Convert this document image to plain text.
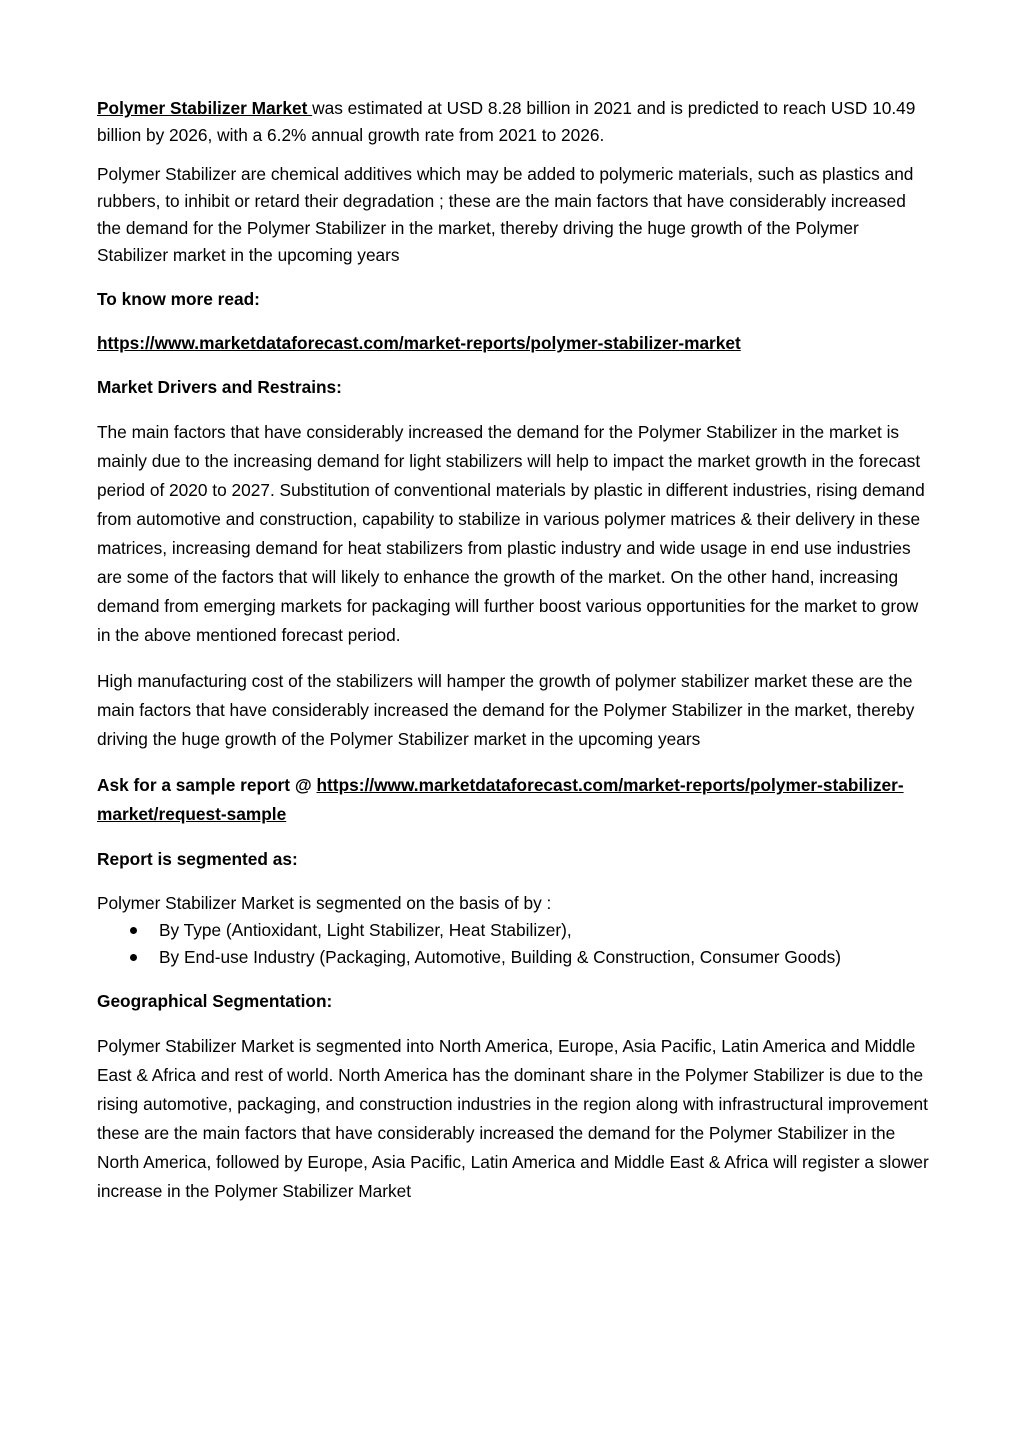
Polymer Stabilizer Market was estimated at USD 8.28 billion in 2021 and is predicted to reach USD 10.49 billion by 2026, with a 6.2% annual growth rate from 2021 to 2026.

Polymer Stabilizer are chemical additives which may be added to polymeric materials, such as plastics and rubbers, to inhibit or retard their degradation ; these are the main factors that have considerably increased the demand for the Polymer Stabilizer in the market, thereby driving the huge growth of the Polymer Stabilizer market in the upcoming years

To know more read:

https://www.marketdataforecast.com/market-reports/polymer-stabilizer-market

Market Drivers and Restrains:

The main factors that have considerably increased the demand for the Polymer Stabilizer in the market is mainly due to the increasing demand for light stabilizers will help to impact the market growth in the forecast period of 2020 to 2027. Substitution of conventional materials by plastic in different industries, rising demand from automotive and construction, capability to stabilize in various polymer matrices & their delivery in these matrices, increasing demand for heat stabilizers from plastic industry and wide usage in end use industries are some of the factors that will likely to enhance the growth of the market. On the other hand, increasing demand from emerging markets for packaging will further boost various opportunities for the market to grow in the above mentioned forecast period.

High manufacturing cost of the stabilizers will hamper the growth of polymer stabilizer market these are the main factors that have considerably increased the demand for the Polymer Stabilizer in the market, thereby driving the huge growth of the Polymer Stabilizer market in the upcoming years

Ask for a sample report @ https://www.marketdataforecast.com/market-reports/polymer-stabilizer-market/request-sample

Report is segmented as:

Polymer Stabilizer Market is segmented on the basis of by :

By Type (Antioxidant, Light Stabilizer, Heat Stabilizer),
By End-use Industry (Packaging, Automotive, Building & Construction, Consumer Goods)

Geographical Segmentation:

Polymer Stabilizer Market is segmented into North America, Europe, Asia Pacific, Latin America and Middle East & Africa and rest of world. North America has the dominant share in the Polymer Stabilizer is due to the rising automotive, packaging, and construction industries in the region along with infrastructural improvement these are the main factors that have considerably increased the demand for the Polymer Stabilizer in the North America, followed by Europe, Asia Pacific, Latin America and Middle East & Africa will register a slower increase in the Polymer Stabilizer Market
